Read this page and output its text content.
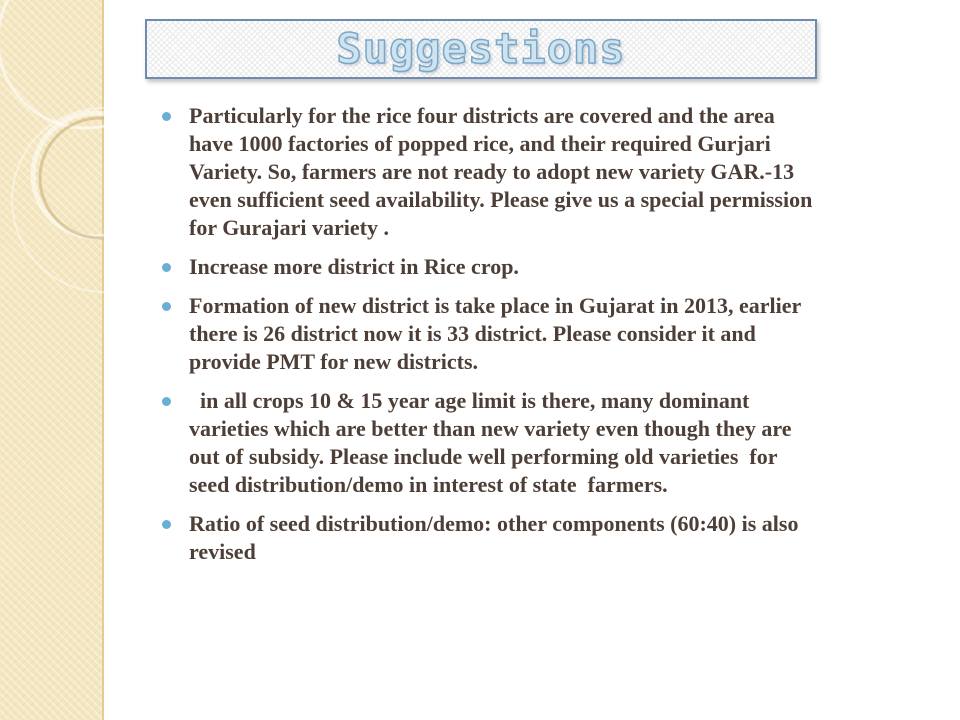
Suggestions
Particularly for the rice four districts are covered and the area have 1000 factories of popped rice, and their required Gurjari Variety. So, farmers are not ready to adopt new variety GAR.-13 even sufficient seed availability. Please give us a special permission for Gurajari variety .
Increase more district in Rice crop.
Formation of new district is take place in Gujarat in 2013, earlier there is 26 district now it is 33 district. Please consider it and provide PMT for new districts.
in all crops 10 & 15 year age limit is there, many dominant varieties which are better than new variety even though they are out of subsidy. Please include well performing old varieties  for seed distribution/demo in interest of state  farmers.
Ratio of seed distribution/demo: other components (60:40) is also revised
